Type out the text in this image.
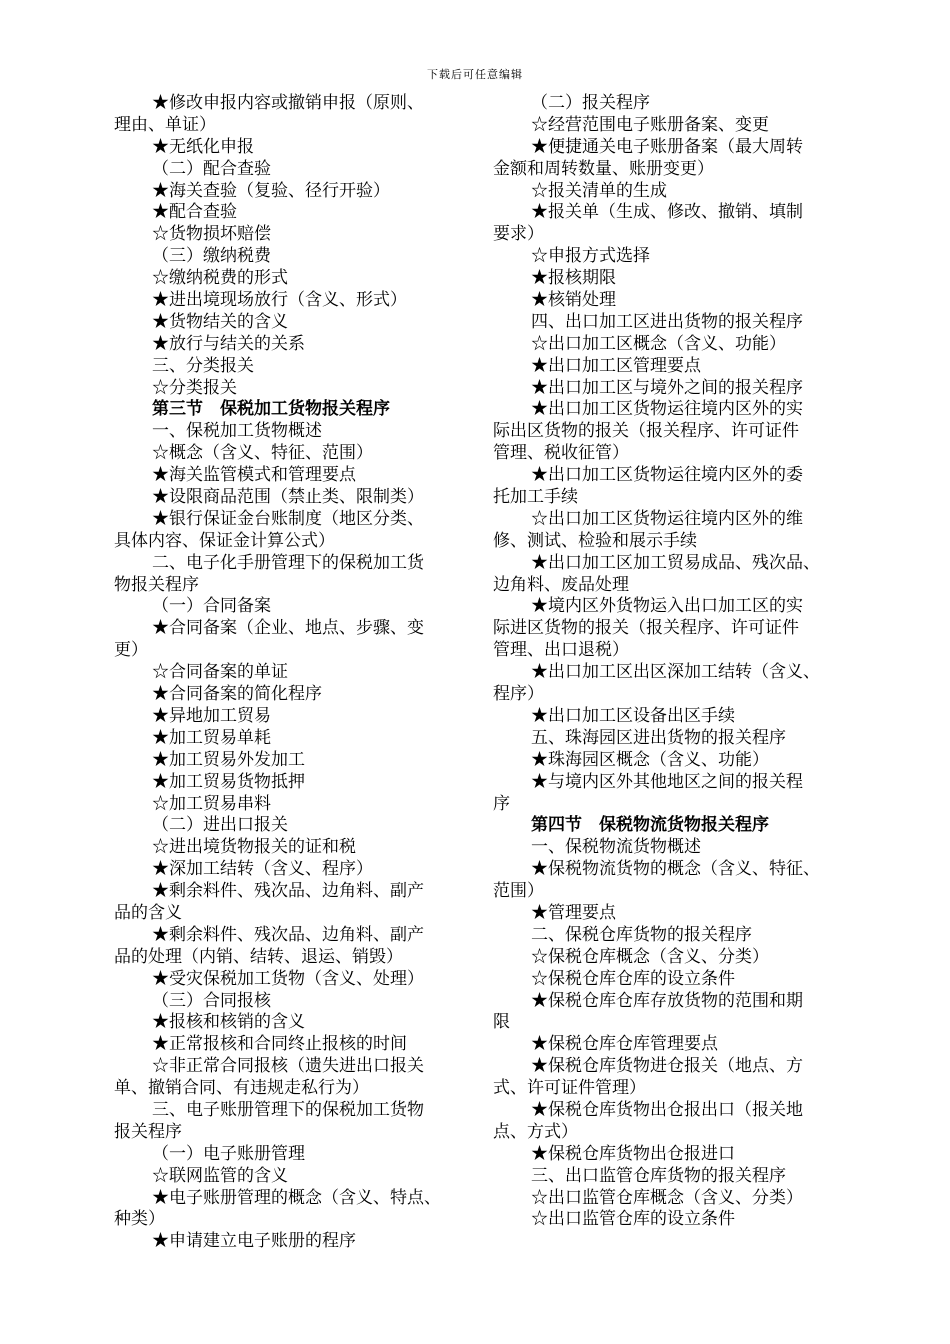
下载后可任意编辑
★修改申报内容或撤销申报（原则、
理由、单证）
★无纸化申报
（二）配合查验
★海关查验（复验、径行开验）
★配合查验
☆货物损坏赔偿
（三）缴纳税费
☆缴纳税费的形式
★进出境现场放行（含义、形式）
★货物结关的含义
★放行与结关的关系
三、分类报关
☆分类报关
第三节　保税加工货物报关程序
一、保税加工货物概述
☆概念（含义、特征、范围）
★海关监管模式和管理要点
★设限商品范围（禁止类、限制类）
★银行保证金台账制度（地区分类、
具体内容、保证金计算公式）
二、电子化手册管理下的保税加工货
物报关程序
（一）合同备案
★合同备案（企业、地点、步骤、变
更）
☆合同备案的单证
★合同备案的简化程序
★异地加工贸易
★加工贸易单耗
★加工贸易外发加工
★加工贸易货物抵押
☆加工贸易串料
（二）进出口报关
☆进出境货物报关的证和税
★深加工结转（含义、程序）
★剩余料件、残次品、边角料、副产
品的含义
★剩余料件、残次品、边角料、副产
品的处理（内销、结转、退运、销毁）
★受灾保税加工货物（含义、处理）
（三）合同报核
★报核和核销的含义
★正常报核和合同终止报核的时间
☆非正常合同报核（遗失进出口报关
单、撤销合同、有违规走私行为）
三、电子账册管理下的保税加工货物
报关程序
（一）电子账册管理
☆联网监管的含义
★电子账册管理的概念（含义、特点、
种类）
★申请建立电子账册的程序
（二）报关程序
☆经营范围电子账册备案、变更
★便捷通关电子账册备案（最大周转
金额和周转数量、账册变更）
☆报关清单的生成
★报关单（生成、修改、撤销、填制
要求）
☆申报方式选择
★报核期限
★核销处理
四、出口加工区进出货物的报关程序
☆出口加工区概念（含义、功能）
★出口加工区管理要点
★出口加工区与境外之间的报关程序
★出口加工区货物运往境内区外的实
际出区货物的报关（报关程序、许可证件
管理、税收征管）
★出口加工区货物运往境内区外的委
托加工手续
☆出口加工区货物运往境内区外的维
修、测试、检验和展示手续
★出口加工区加工贸易成品、残次品、
边角料、废品处理
★境内区外货物运入出口加工区的实
际进区货物的报关（报关程序、许可证件
管理、出口退税）
★出口加工区出区深加工结转（含义、
程序）
★出口加工区设备出区手续
五、珠海园区进出货物的报关程序
★珠海园区概念（含义、功能）
★与境内区外其他地区之间的报关程
序
第四节　保税物流货物报关程序
一、保税物流货物概述
★保税物流货物的概念（含义、特征、
范围）
★管理要点
二、保税仓库货物的报关程序
☆保税仓库概念（含义、分类）
☆保税仓库仓库的设立条件
★保税仓库仓库存放货物的范围和期
限
★保税仓库仓库管理要点
★保税仓库货物进仓报关（地点、方
式、许可证件管理）
★保税仓库货物出仓报出口（报关地
点、方式）
★保税仓库货物出仓报进口
三、出口监管仓库货物的报关程序
☆出口监管仓库概念（含义、分类）
☆出口监管仓库的设立条件
